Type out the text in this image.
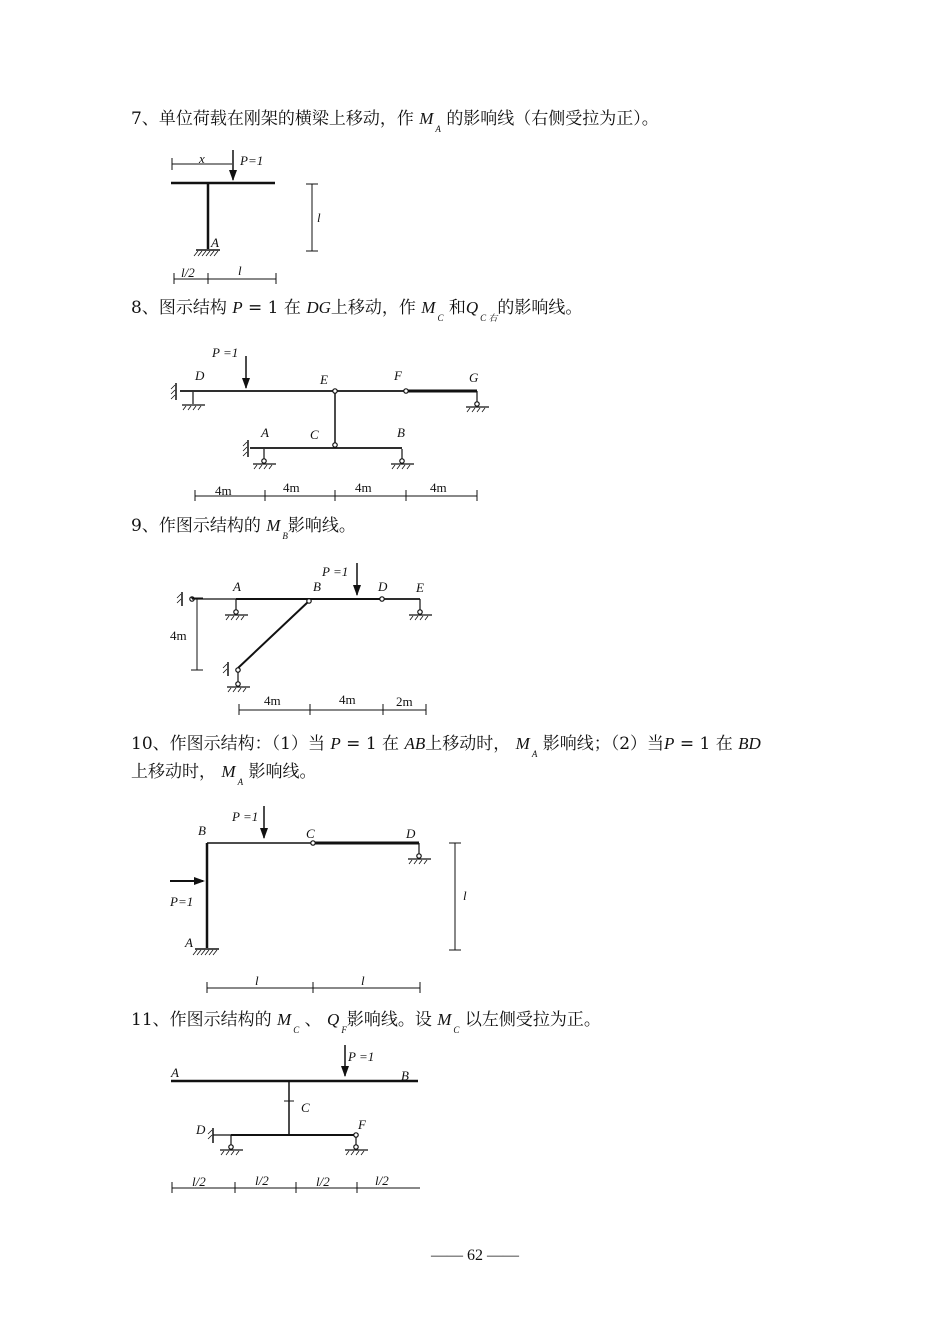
7、单位荷载在刚架的横梁上移动，作 $M_A$ 的影响线（右侧受拉为正）。
x	P=1
l
A
l/2	l
8、图示结构 P = 1 在 DG上移动，作 $M_C$ 和$Q_{C 右}$的影响线。
P =1
D	E	F	G
A	C	B
4m	4m	4m	4m
9、作图示结构的 $M_B$影响线。
P =1
A	B	D E
4m
4m	4m	2m
10、作图示结构：（1）当 P = 1 在 AB上移动时， $M_A$ 影响线；（2）当P = 1 在 BD
上移动时， $M_A$ 影响线。
P =1
B	C	D
P=1
A
l
l	l
11、作图示结构的 $M_C$ 、 $Q_F$影响线。设 $M_C$ 以左侧受拉为正。
P =1
A	B
C
D	F
l/2	l/2	l/2	l/2
—— 62 ——
